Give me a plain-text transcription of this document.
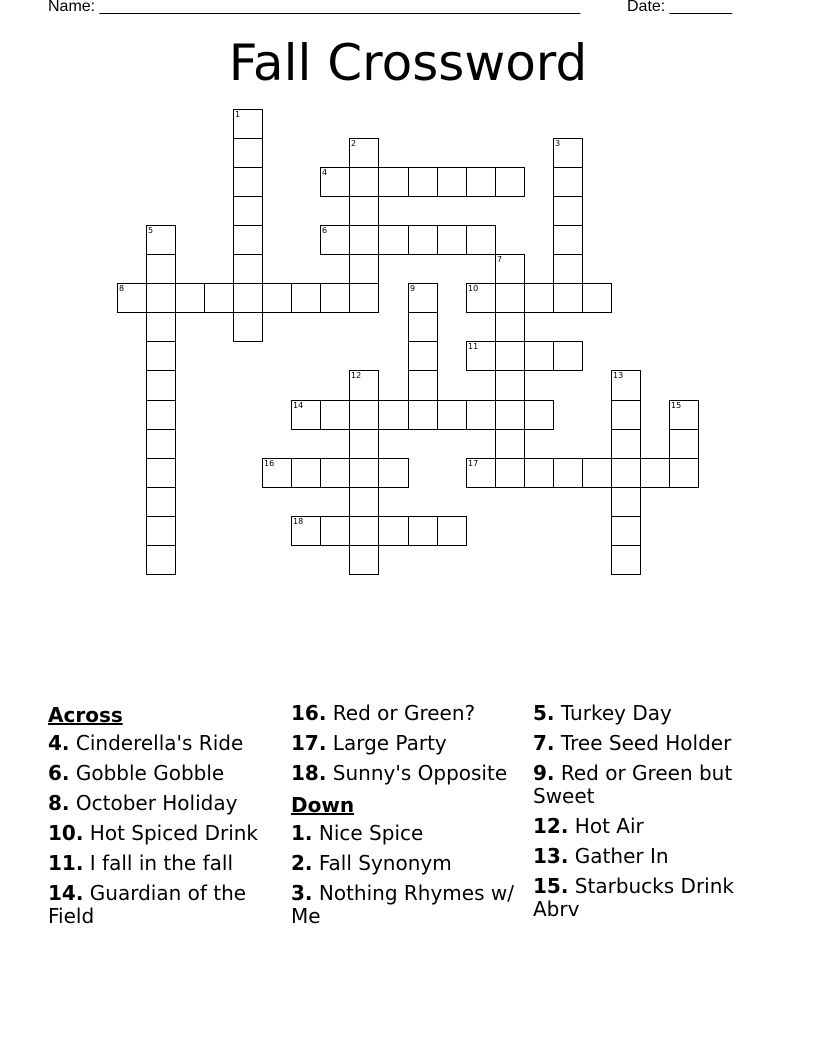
Name: ______________________________________________________	Date: _______
Fall Crossword
1
2	3
4
5	6
7
8	9	10
11
12	13
14	15
16	17
18
Across
4. Cinderella's Ride
6. Gobble Gobble
8. October Holiday
10. Hot Spiced Drink
11. I fall in the fall
14. Guardian of the Field
16. Red or Green?
17. Large Party
18. Sunny's Opposite
Down
1. Nice Spice
2. Fall Synonym
3. Nothing Rhymes w/ Me
5. Turkey Day
7. Tree Seed Holder
9. Red or Green but Sweet
12. Hot Air
13. Gather In
15. Starbucks Drink Abrv
